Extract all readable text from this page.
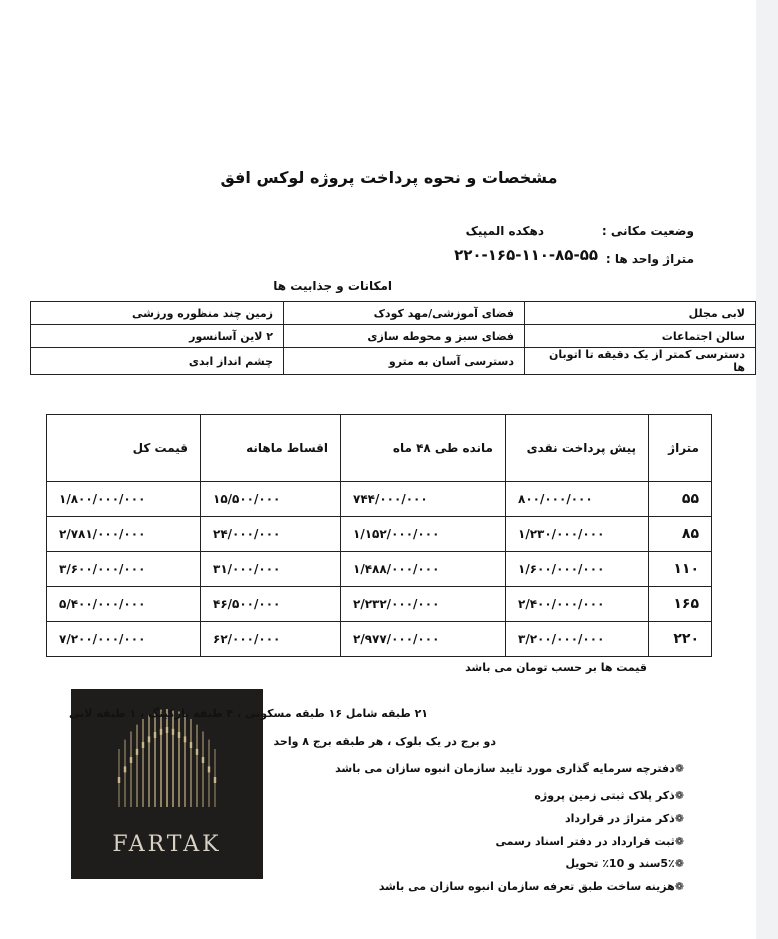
مشخصات و نحوه پرداخت پروژه لوکس افق
وضعیت مکانی :
دهکده المپیک
متراژ واحد ها :
۲۲۰-۱۶۵-۱۱۰-۸۵-۵۵
امکانات و جذابیت ها
لابی مجلل	فضای آموزشی/مهد کودک	زمین چند منظوره ورزشی
سالن اجتماعات	فضای سبز و محوطه سازی	۲ لاین آسانسور
دسترسی کمتر از یک دقیقه تا اتوبان ها	دسترسی آسان به مترو	چشم انداز ابدی
متراژ	پیش پرداخت نقدی	مانده طی ۴۸ ماه	اقساط ماهانه	قیمت کل
۵۵	۸۰۰/۰۰۰/۰۰۰	۷۴۴/۰۰۰/۰۰۰	۱۵/۵۰۰/۰۰۰	۱/۸۰۰/۰۰۰/۰۰۰
۸۵	۱/۲۳۰/۰۰۰/۰۰۰	۱/۱۵۲/۰۰۰/۰۰۰	۲۴/۰۰۰/۰۰۰	۲/۷۸۱/۰۰۰/۰۰۰
۱۱۰	۱/۶۰۰/۰۰۰/۰۰۰	۱/۴۸۸/۰۰۰/۰۰۰	۳۱/۰۰۰/۰۰۰	۳/۶۰۰/۰۰۰/۰۰۰
۱۶۵	۲/۴۰۰/۰۰۰/۰۰۰	۲/۲۳۲/۰۰۰/۰۰۰	۴۶/۵۰۰/۰۰۰	۵/۴۰۰/۰۰۰/۰۰۰
۲۲۰	۳/۲۰۰/۰۰۰/۰۰۰	۲/۹۷۷/۰۰۰/۰۰۰	۶۲/۰۰۰/۰۰۰	۷/۲۰۰/۰۰۰/۰۰۰
قیمت ها بر حسب تومان می باشد
FARTAK
۲۱ طبقه شامل ۱۶ طبقه مسکونی ، ۴ طبقه پارکینگ ، ۱ طبقه لابی
دو برج در یک بلوک ، هر طبقه برج ۸ واحد
❁دفترچه سرمایه گذاری مورد تایید سازمان انبوه سازان می باشد
❁ذکر پلاک ثبتی زمین پروژه
❁ذکر متراژ در قرارداد
❁ثبت قرارداد در دفتر اسناد رسمی
❁5٪سند و 10٪ تحویل
❁هزینه ساخت طبق تعرفه سازمان انبوه سازان می باشد
